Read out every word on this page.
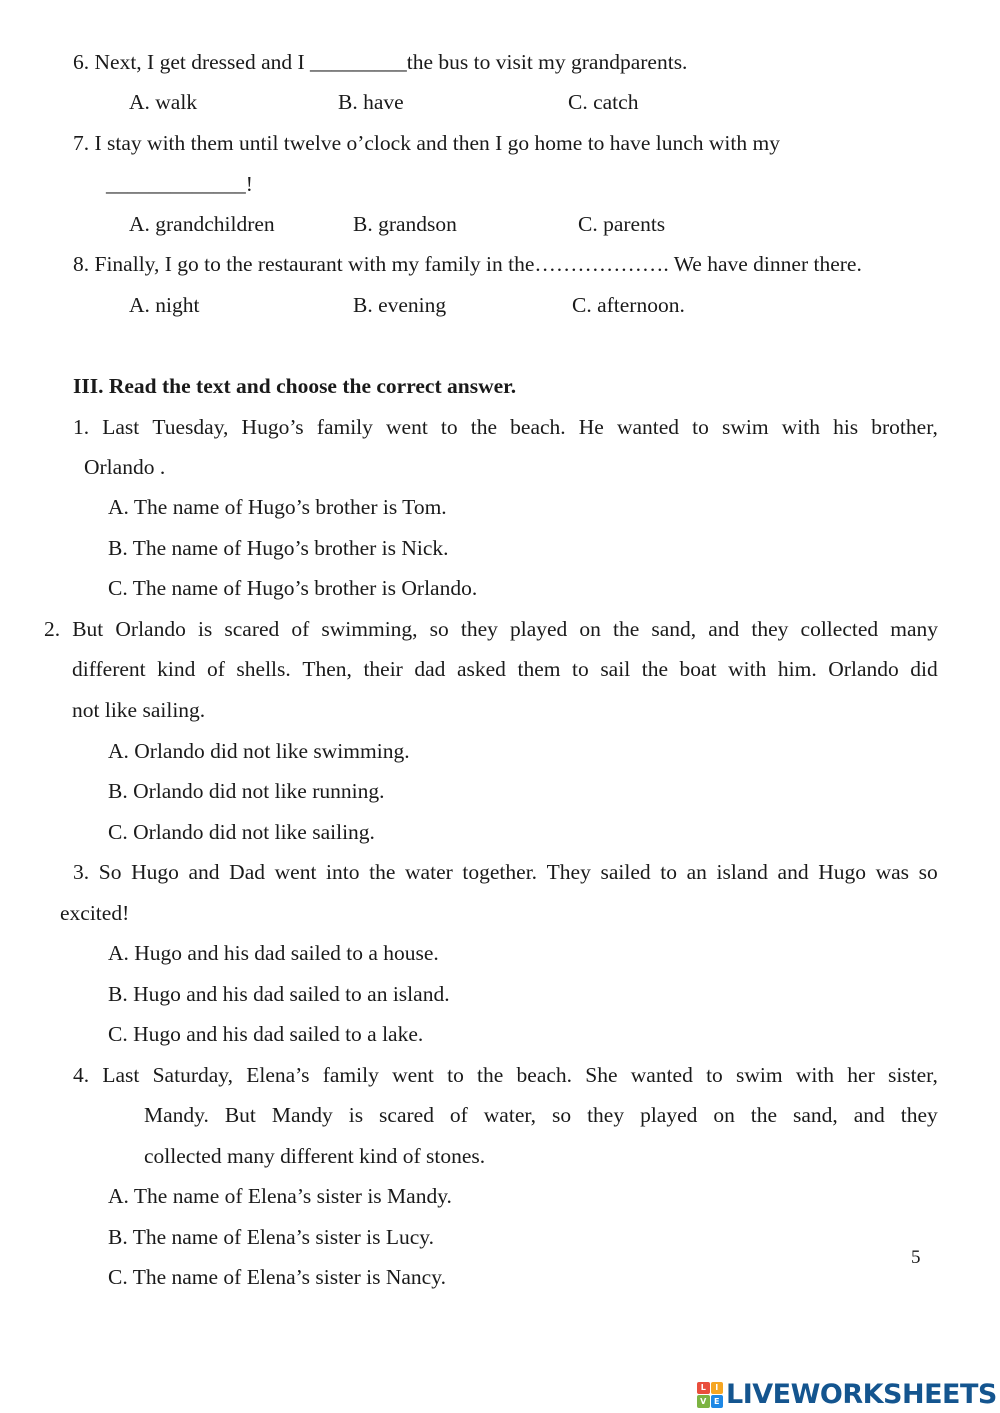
6. Next, I get dressed and I _________the bus to visit my grandparents.
A. walk	B. have	C. catch
7. I stay with them until twelve o’clock and then I go home to have lunch with my
_____________!
A. grandchildren	B. grandson	C. parents
8. Finally, I go to the restaurant with my family in the………………. We have dinner there.
A. night	B. evening	C. afternoon.
III. Read the text and choose the correct answer.
1. Last Tuesday, Hugo’s family went to the beach. He wanted to swim with his brother,
Orlando .
A. The name of Hugo’s brother is Tom.
B. The name of Hugo’s brother is Nick.
C. The name of Hugo’s brother is Orlando.
2. But Orlando is scared of swimming, so they played on the sand, and they collected many
different kind of shells. Then, their dad asked them to sail the boat with him. Orlando did
not like sailing.
A. Orlando did not like swimming.
B. Orlando did not like running.
C. Orlando did not like sailing.
3. So Hugo and Dad went into the water together. They sailed to an island and Hugo was so
excited!
A. Hugo and his dad sailed to a house.
B. Hugo and his dad sailed to an island.
C. Hugo and his dad sailed to a lake.
4. Last Saturday, Elena’s family went to the beach. She wanted to swim with her sister,
Mandy. But Mandy is scared of water, so they played on the sand, and they
collected many different kind of stones.
A. The name of Elena’s sister is Mandy.
B. The name of Elena’s sister is Lucy.
C. The name of Elena’s sister is Nancy.
5
L	I
V E LIVEWORKSHEETS
